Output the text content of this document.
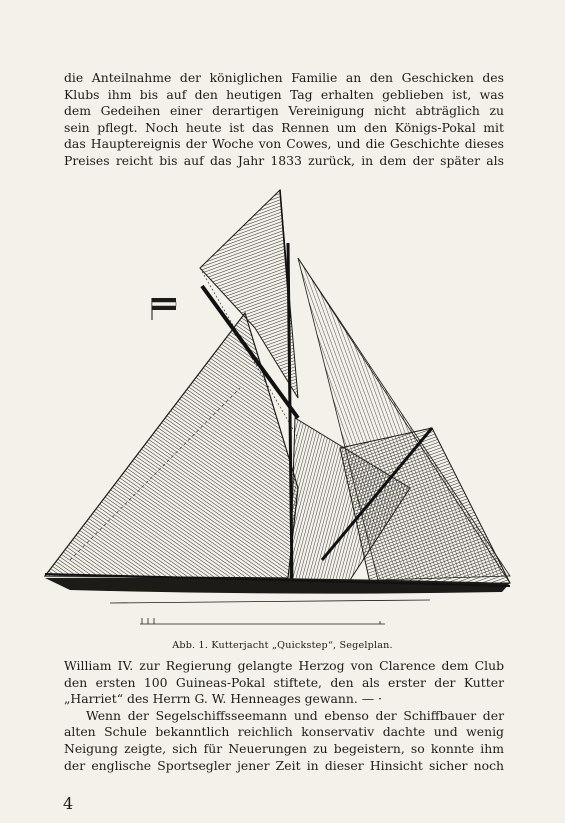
die Anteilnahme der königlichen Familie an den Geschicken des
Klubs ihm bis auf den heutigen Tag erhalten geblieben ist, was
dem Gedeihen einer derartigen Vereinigung nicht abträglich zu
sein pflegt. Noch heute ist das Rennen um den Königs-Pokal mit
das Hauptereignis der Woche von Cowes, und die Geschichte dieses
Preises reicht bis auf das Jahr 1833 zurück, in dem der später als
Abb. 1. Kutterjacht „Quickstep“, Segelplan.
William IV. zur Regierung gelangte Herzog von Clarence dem Club
den ersten 100 Guineas-Pokal stiftete, den als erster der Kutter
„Harriet“ des Herrn G. W. Henneages gewann. — ·
Wenn der Segelschiffsseemann und ebenso der Schiffbauer der
alten Schule bekanntlich reichlich konservativ dachte und wenig
Neigung zeigte, sich für Neuerungen zu begeistern, so konnte ihm
der englische Sportsegler jener Zeit in dieser Hinsicht sicher noch
4
